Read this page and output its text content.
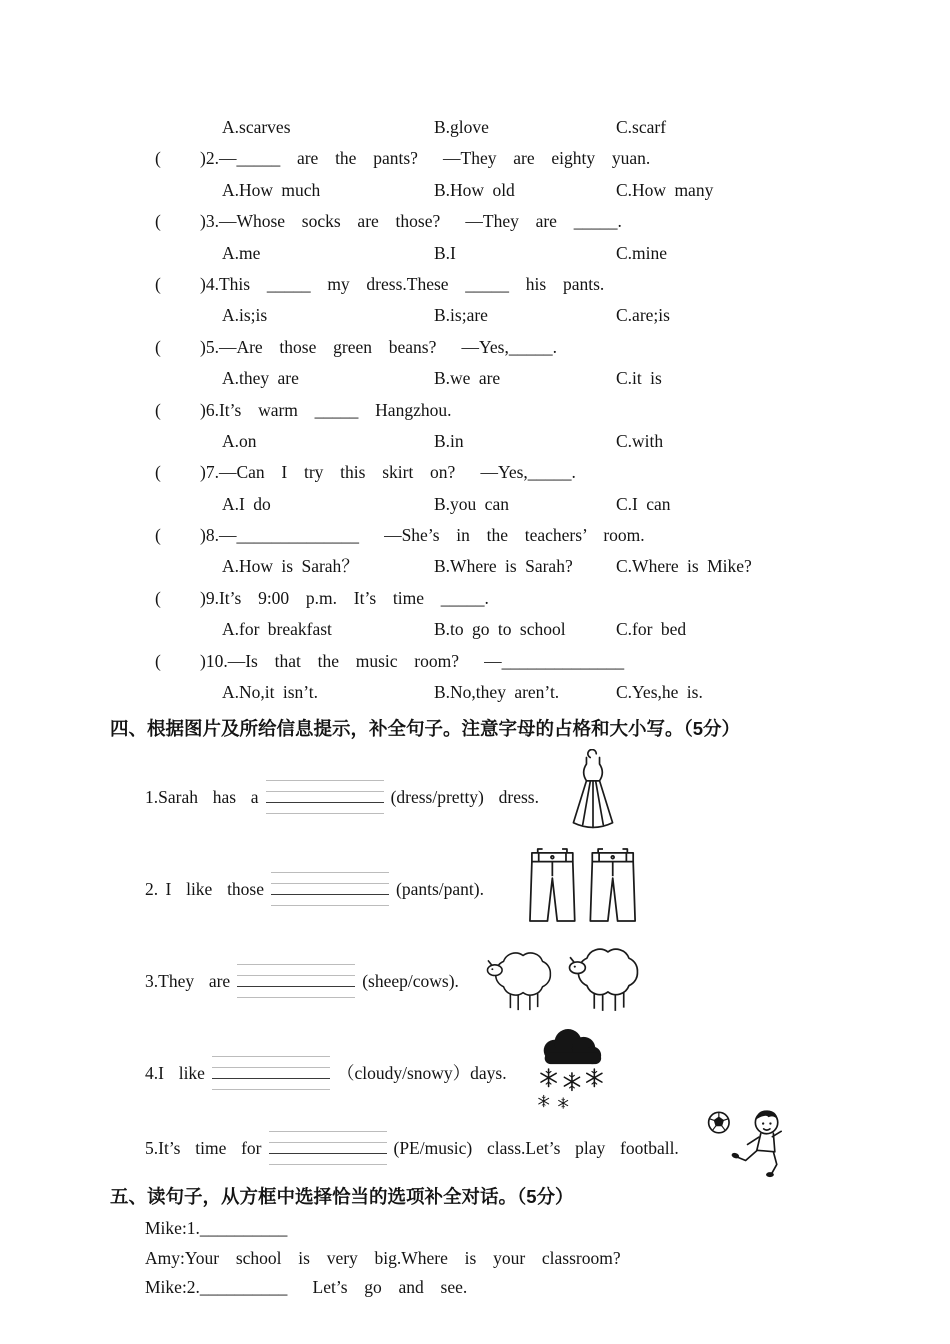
A.scarves	B.glove	C.scarf
( )2.—_____  are  the  pants?   —They  are  eighty  yuan.
A.How much	B.How old	C.How many
( )3.—Whose  socks  are  those?   —They  are  _____.
A.me	B.I	C.mine
( )4.This  _____  my  dress.These  _____  his  pants.
A.is;is	B.is;are	C.are;is
( )5.—Are  those  green  beans?   —Yes,_____.
A.they are	B.we are	C.it is
( )6.It’s  warm  _____  Hangzhou.
A.on	B.in	C.with
( )7.—Can  I  try  this  skirt  on?   —Yes,_____.
A.I do	B.you can	C.I can
( )8.—______________   —She’s  in  the  teachers’  room.
A.How is Sarah？	B.Where is Sarah?	C.Where is Mike?
( )9.It’s  9:00  p.m.  It’s  time  _____.
A.for breakfast	B.to go to school	C.for bed
( )10.—Is  that  the  music  room?   —______________
A.No,it isn’t.	B.No,they aren’t.	C.Yes,he is.
四、根据图片及所给信息提示，补全句子。注意字母的占格和大小写。（5分）
1.Sarah  has  a	(dress/pretty)  dress.
2. I  like  those	(pants/pant).
3.They  are	(sheep/cows).
4.I  like	（cloudy/snowy）days.
5.It’s  time  for	(PE/music)  class.Let’s  play  football.
五、读句子，从方框中选择恰当的选项补全对话。（5分）

Mike:1.__________

Amy:Your  school  is  very  big.Where  is  your  classroom?

Mike:2.__________   Let’s  go  and  see.
